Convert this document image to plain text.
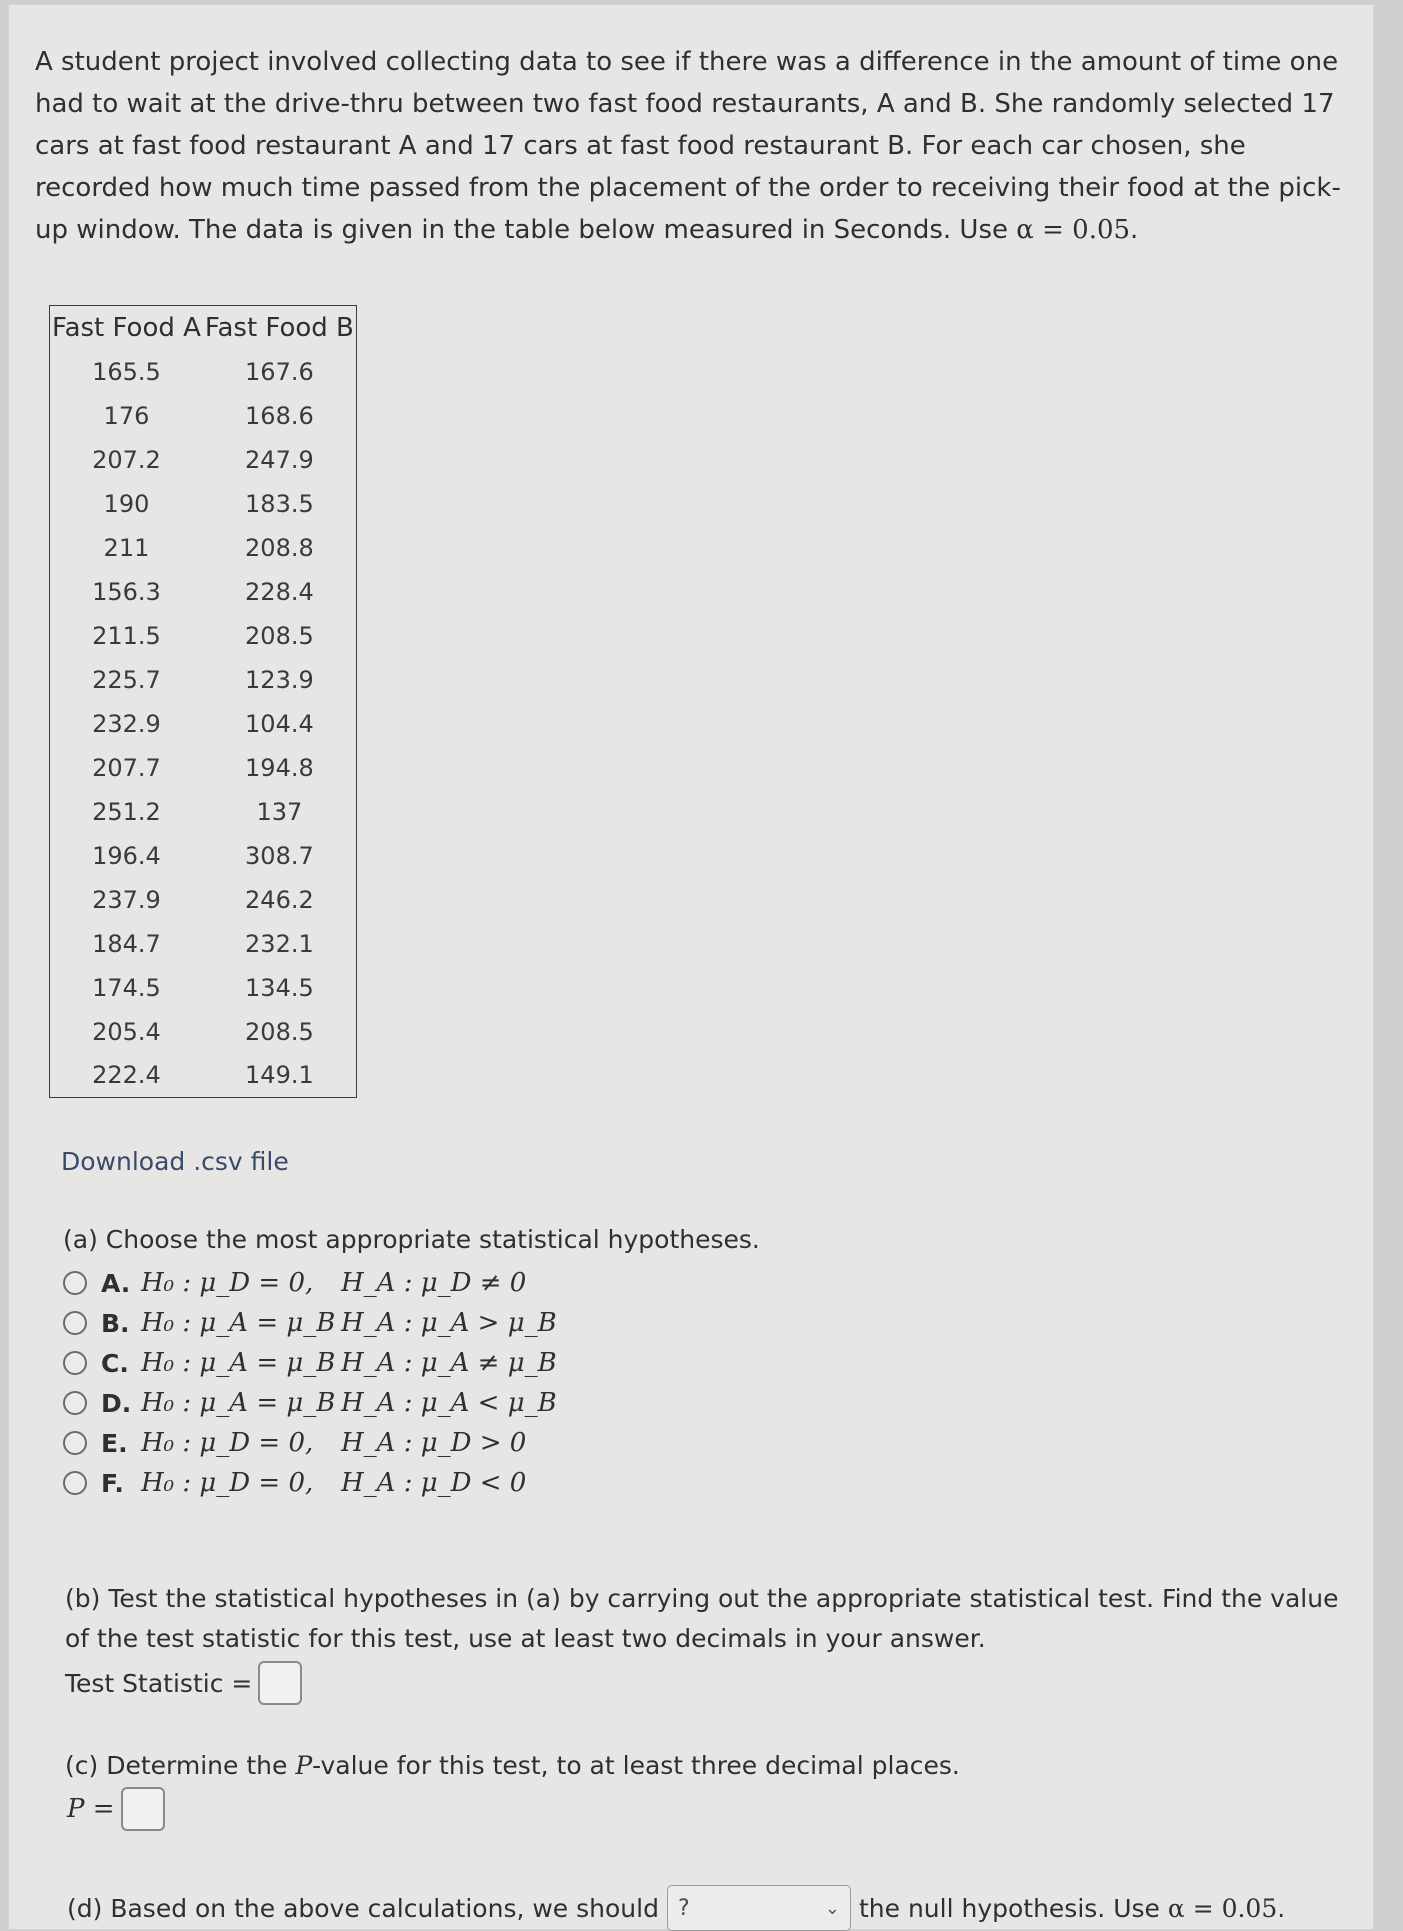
A student project involved collecting data to see if there was a difference in the amount of time one had to wait at the drive-thru between two fast food restaurants, A and B. She randomly selected 17 cars at fast food restaurant A and 17 cars at fast food restaurant B. For each car chosen, she recorded how much time passed from the placement of the order to receiving their food at the pick-up window. The data is given in the table below measured in Seconds. Use α = 0.05.

Fast Food A	Fast Food B
165.5	167.6
176	168.6
207.2	247.9
190	183.5
211	208.8
156.3	228.4
211.5	208.5
225.7	123.9
232.9	104.4
207.7	194.8
251.2	137
196.4	308.7
237.9	246.2
184.7	232.1
174.5	134.5
205.4	208.5
222.4	149.1
Download .csv file
(a) Choose the most appropriate statistical hypotheses.
A. H₀ : μ_D = 0,	H_A : μ_D ≠ 0
B. H₀ : μ_A = μ_B H_A : μ_A > μ_B
C. H₀ : μ_A = μ_B H_A : μ_A ≠ μ_B
D. H₀ : μ_A = μ_B H_A : μ_A < μ_B
E. H₀ : μ_D = 0,	H_A : μ_D > 0
F. H₀ : μ_D = 0,	H_A : μ_D < 0

(b) Test the statistical hypotheses in (a) by carrying out the appropriate statistical test. Find the value of the test statistic for this test, use at least two decimals in your answer.

Test Statistic =
(c) Determine the P-value for this test, to at least three decimal places.
P =
(d) Based on the above calculations, we should ?	⌄ the null hypothesis. Use
α = 0.05 .
